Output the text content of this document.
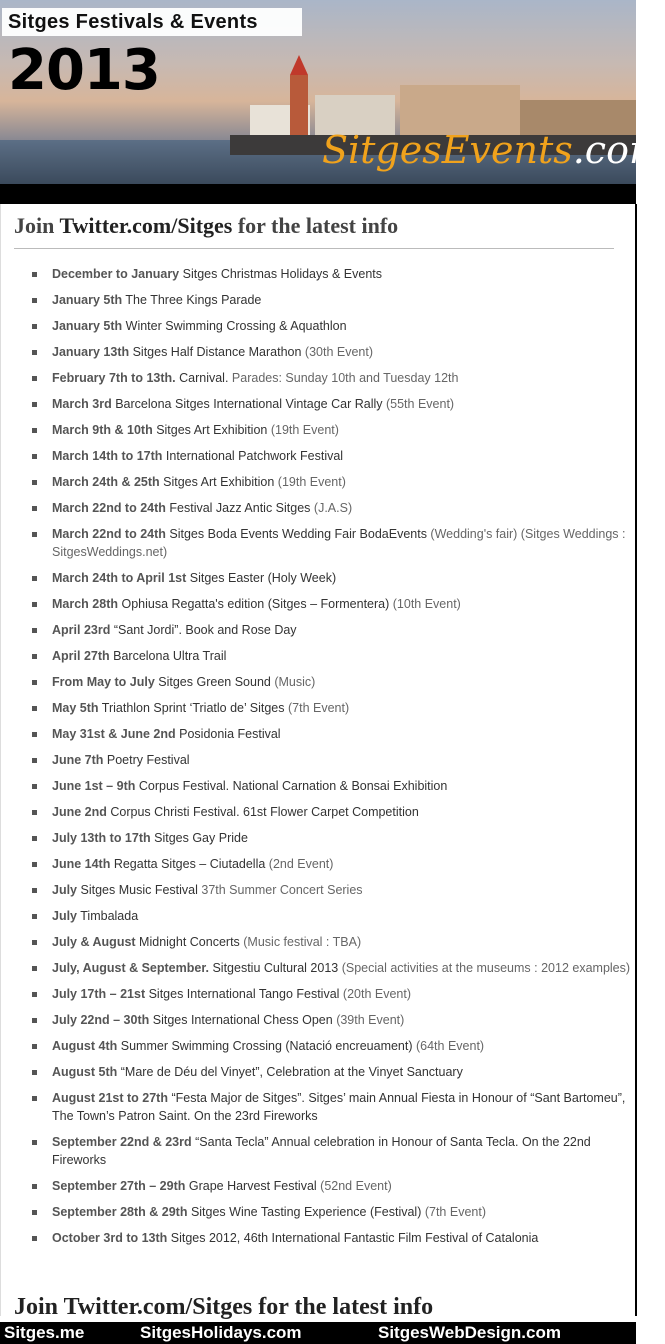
Sitges Festivals & Events
2013
SitgesEvents.com
Join Twitter.com/Sitges for the latest info
December to January Sitges Christmas Holidays & Events
January 5th The Three Kings Parade
January 5th Winter Swimming Crossing & Aquathlon
January 13th Sitges Half Distance Marathon (30th Event)
February 7th to 13th. Carnival. Parades: Sunday 10th and Tuesday 12th
March 3rd Barcelona Sitges International Vintage Car Rally (55th Event)
March 9th & 10th Sitges Art Exhibition (19th Event)
March 14th to 17th International Patchwork Festival
March 24th & 25th Sitges Art Exhibition (19th Event)
March 22nd to 24th Festival Jazz Antic Sitges (J.A.S)
March 22nd to 24th Sitges Boda Events Wedding Fair BodaEvents (Wedding's fair) (Sitges Weddings : SitgesWeddings.net)
March 24th to April 1st Sitges Easter (Holy Week)
March 28th Ophiusa Regatta's edition (Sitges – Formentera) (10th Event)
April 23rd “Sant Jordi”. Book and Rose Day
April 27th Barcelona Ultra Trail
From May to July Sitges Green Sound (Music)
May 5th Triathlon Sprint ‘Triatlo de’ Sitges (7th Event)
May 31st & June 2nd Posidonia Festival
June 7th Poetry Festival
June 1st – 9th Corpus Festival. National Carnation & Bonsai Exhibition
June 2nd Corpus Christi Festival. 61st Flower Carpet Competition
July 13th to 17th Sitges Gay Pride
June 14th Regatta Sitges – Ciutadella (2nd Event)
July Sitges Music Festival 37th Summer Concert Series
July Timbalada
July & August Midnight Concerts (Music festival : TBA)
July, August & September. Sitgestiu Cultural 2013 (Special activities at the museums : 2012 examples)
July 17th – 21st Sitges International Tango Festival (20th Event)
July 22nd – 30th Sitges International Chess Open (39th Event)
August 4th Summer Swimming Crossing (Natació encreuament) (64th Event)
August 5th “Mare de Déu del Vinyet”, Celebration at the Vinyet Sanctuary
August 21st to 27th “Festa Major de Sitges”. Sitges’ main Annual Fiesta in Honour of “Sant Bartomeu”, The Town’s Patron Saint. On the 23rd Fireworks
September 22nd & 23rd “Santa Tecla” Annual celebration in Honour of Santa Tecla. On the 22nd Fireworks
September 27th – 29th Grape Harvest Festival (52nd Event)
September 28th & 29th Sitges Wine Tasting Experience (Festival) (7th Event)
October 3rd to 13th Sitges 2012, 46th International Fantastic Film Festival of Catalonia
Join Twitter.com/Sitges for the latest info
Sitges.me	SitgesHolidays.com	SitgesWebDesign.com
